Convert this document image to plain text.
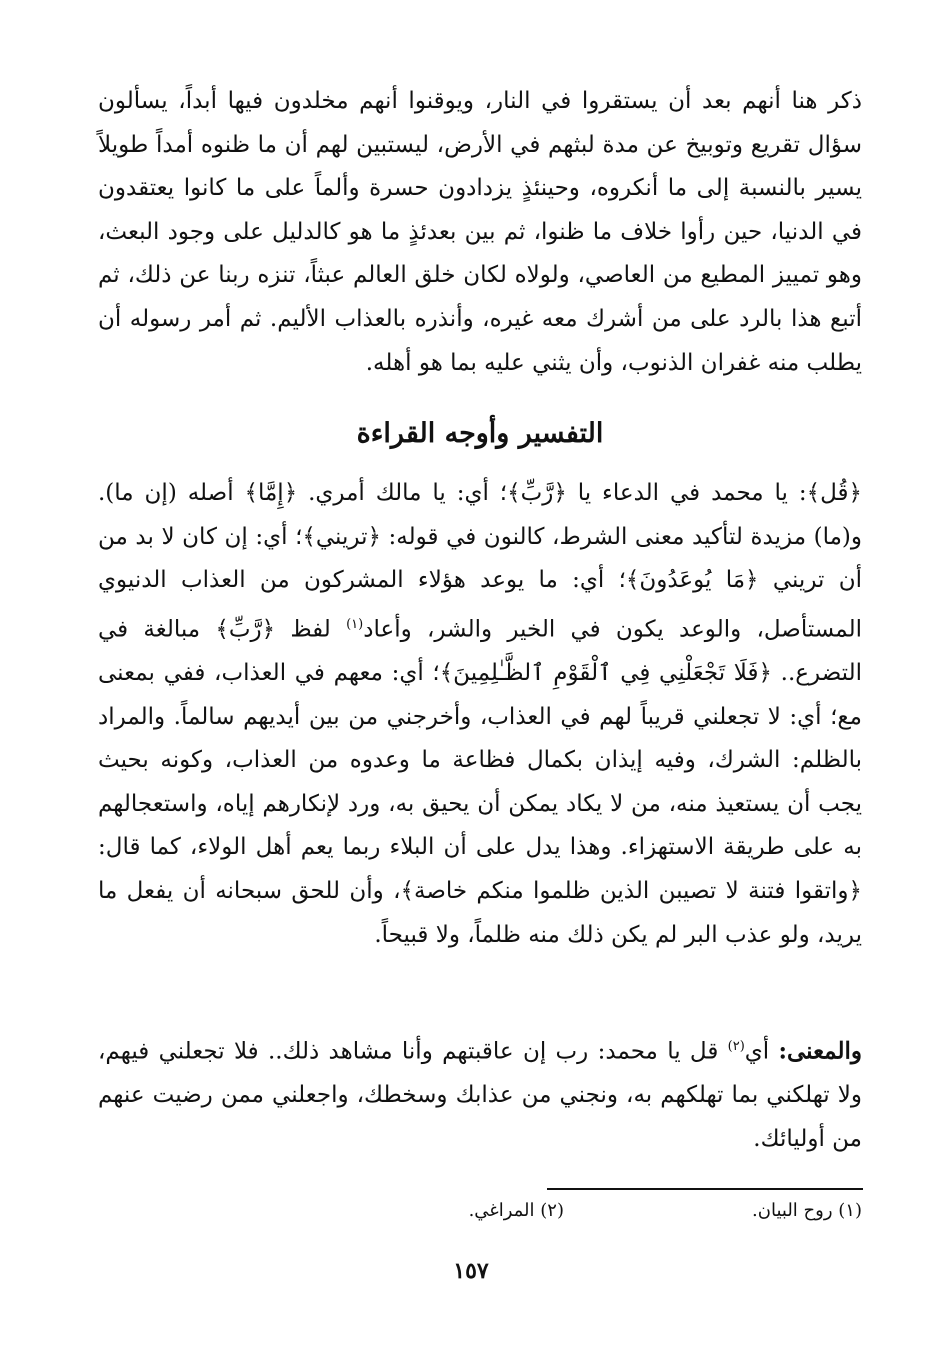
ذكر هنا أنهم بعد أن يستقروا في النار، ويوقنوا أنهم مخلدون فيها أبداً، يسألون سؤال تقريع وتوبيخ عن مدة لبثهم في الأرض، ليستبين لهم أن ما ظنوه أمداً طويلاً يسير بالنسبة إلى ما أنكروه، وحينئذٍ يزدادون حسرة وألماً على ما كانوا يعتقدون في الدنيا، حين رأوا خلاف ما ظنوا، ثم بين بعدئذٍ ما هو كالدليل على وجود البعث، وهو تمييز المطيع من العاصي، ولولاه لكان خلق العالم عبثاً، تنزه ربنا عن ذلك، ثم أتبع هذا بالرد على من أشرك معه غيره، وأنذره بالعذاب الأليم. ثم أمر رسوله أن يطلب منه غفران الذنوب، وأن يثني عليه بما هو أهله.

التفسير وأوجه القراءة

﴿قُل﴾: يا محمد في الدعاء يا ﴿رَّبِّ﴾؛ أي: يا مالك أمري. ﴿إِمَّا﴾ أصله (إن ما). و(ما) مزيدة لتأكيد معنى الشرط، كالنون في قوله: ﴿تريني﴾؛ أي: إن كان لا بد من أن تريني ﴿مَا يُوعَدُونَ﴾؛ أي: ما يوعد هؤلاء المشركون من العذاب الدنيوي المستأصل، والوعد يكون في الخير والشر، وأعاد$^{(١)}$ لفظ ﴿رَّبِّ﴾ مبالغة في التضرع.. ﴿فَلَا تَجْعَلْنِي فِي ٱلْقَوْمِ ٱلظَّـٰلِمِينَ﴾؛ أي: معهم في العذاب، ففي بمعنى مع؛ أي: لا تجعلني قريباً لهم في العذاب، وأخرجني من بين أيديهم سالماً. والمراد بالظلم: الشرك، وفيه إيذان بكمال فظاعة ما وعدوه من العذاب، وكونه بحيث يجب أن يستعيذ منه، من لا يكاد يمكن أن يحيق به، ورد لإنكارهم إياه، واستعجالهم به على طريقة الاستهزاء. وهذا يدل على أن البلاء ربما يعم أهل الولاء، كما قال: ﴿واتقوا فتنة لا تصيبن الذين ظلموا منكم خاصة﴾، وأن للحق سبحانه أن يفعل ما يريد، ولو عذب البر لم يكن ذلك منه ظلماً، ولا قبيحاً.

والمعنى: أي$^{(٢)}$ قل يا محمد: رب إن عاقبتهم وأنا مشاهد ذلك.. فلا تجعلني فيهم، ولا تهلكني بما تهلكهم به، ونجني من عذابك وسخطك، واجعلني ممن رضيت عنهم من أوليائك.

(١) روح البيان.
(٢) المراغي.
١٥٧
